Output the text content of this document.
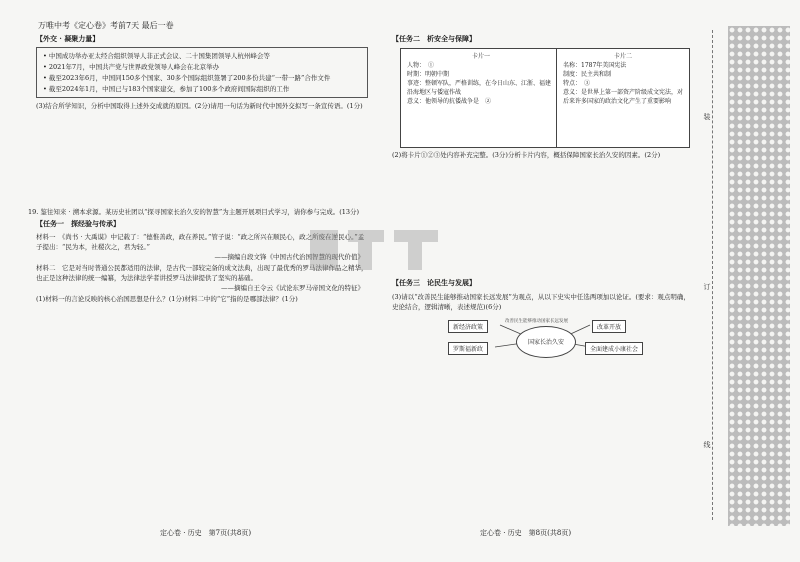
万唯中考《定心卷》考前7天 最后一卷
【外交 · 凝聚力量】
• 中国成功举办亚太经合组织领导人非正式会议、二十国集团领导人杭州峰会等
• 2021年7月，中国共产党与世界政党领导人峰会在北京举办
• 截至2023年6月，中国同150多个国家、30多个国际组织签署了200多份共建“一带一路”合作文件
• 截至2024年1月，中国已与183个国家建交，参加了100多个政府间国际组织的工作
(3)结合所学知识，分析中国取得上述外交成就的原因。(2分)请用一句话为新时代中国外交拟写一条宣传语。(1分)
19. 鉴往知来 · 溯本求源。某历史社团以“探寻国家长治久安的智慧”为主题开展项目式学习，请你参与完成。(13分)
【任务一　探经验与传承】
材料一　《尚书 · 大禹谟》中记载了：“德惟善政，政在养民。”管子说：“政之所兴在顺民心，政之所废在逆民心。”孟子提出：“民为本，社稷次之，君为轻。”
——摘编自段文锋《中国古代治国智慧的现代价值》
材料二　它是对当时普通公民都适用的法律，是古代一部较完备的成文法典，出现了最优秀的罗马法律作品之精华，也正是这种法律的统一编纂，为法律法学者讲授罗马法律提供了坚实的基础。
——摘编自王令云《试论东罗马帝国文化的特征》
(1)材料一的言论反映的核心治国思想是什么？(1分)材料二中的“它”指的是哪部法律？(1分)
【任务二　析安全与保障】
卡片一
人物：　①
时期：明朝中期
事迹：整顿军队，严格训练，在今日山东、江浙、福建沿海地区与倭寇作战
意义：他领导的抗倭战争是　②
卡片二
名称：1787年美国宪法
制度：民主共和制
特点：　③
意义：是世界上第一部资产阶级成文宪法，对后来许多国家的政治文化产生了重要影响
(2)将卡片①②③处内容补充完整。(3分)分析卡片内容，概括保障国家长治久安的因素。(2分)
【任务三　论民生与发展】
(3)请以“改善民生能够推动国家长远发展”为观点，从以下史实中任选两项加以论证。(要求：观点明确，史论结合，逻辑清晰，表述规范)(6分)
新经济政策
罗斯福新政
改革开放
全面建成小康社会
改善民生能够推动国家长远发展
国家长治久安
装
订
线
定心卷 · 历史　第7页(共8页)	定心卷 · 历史　第8页(共8页)
